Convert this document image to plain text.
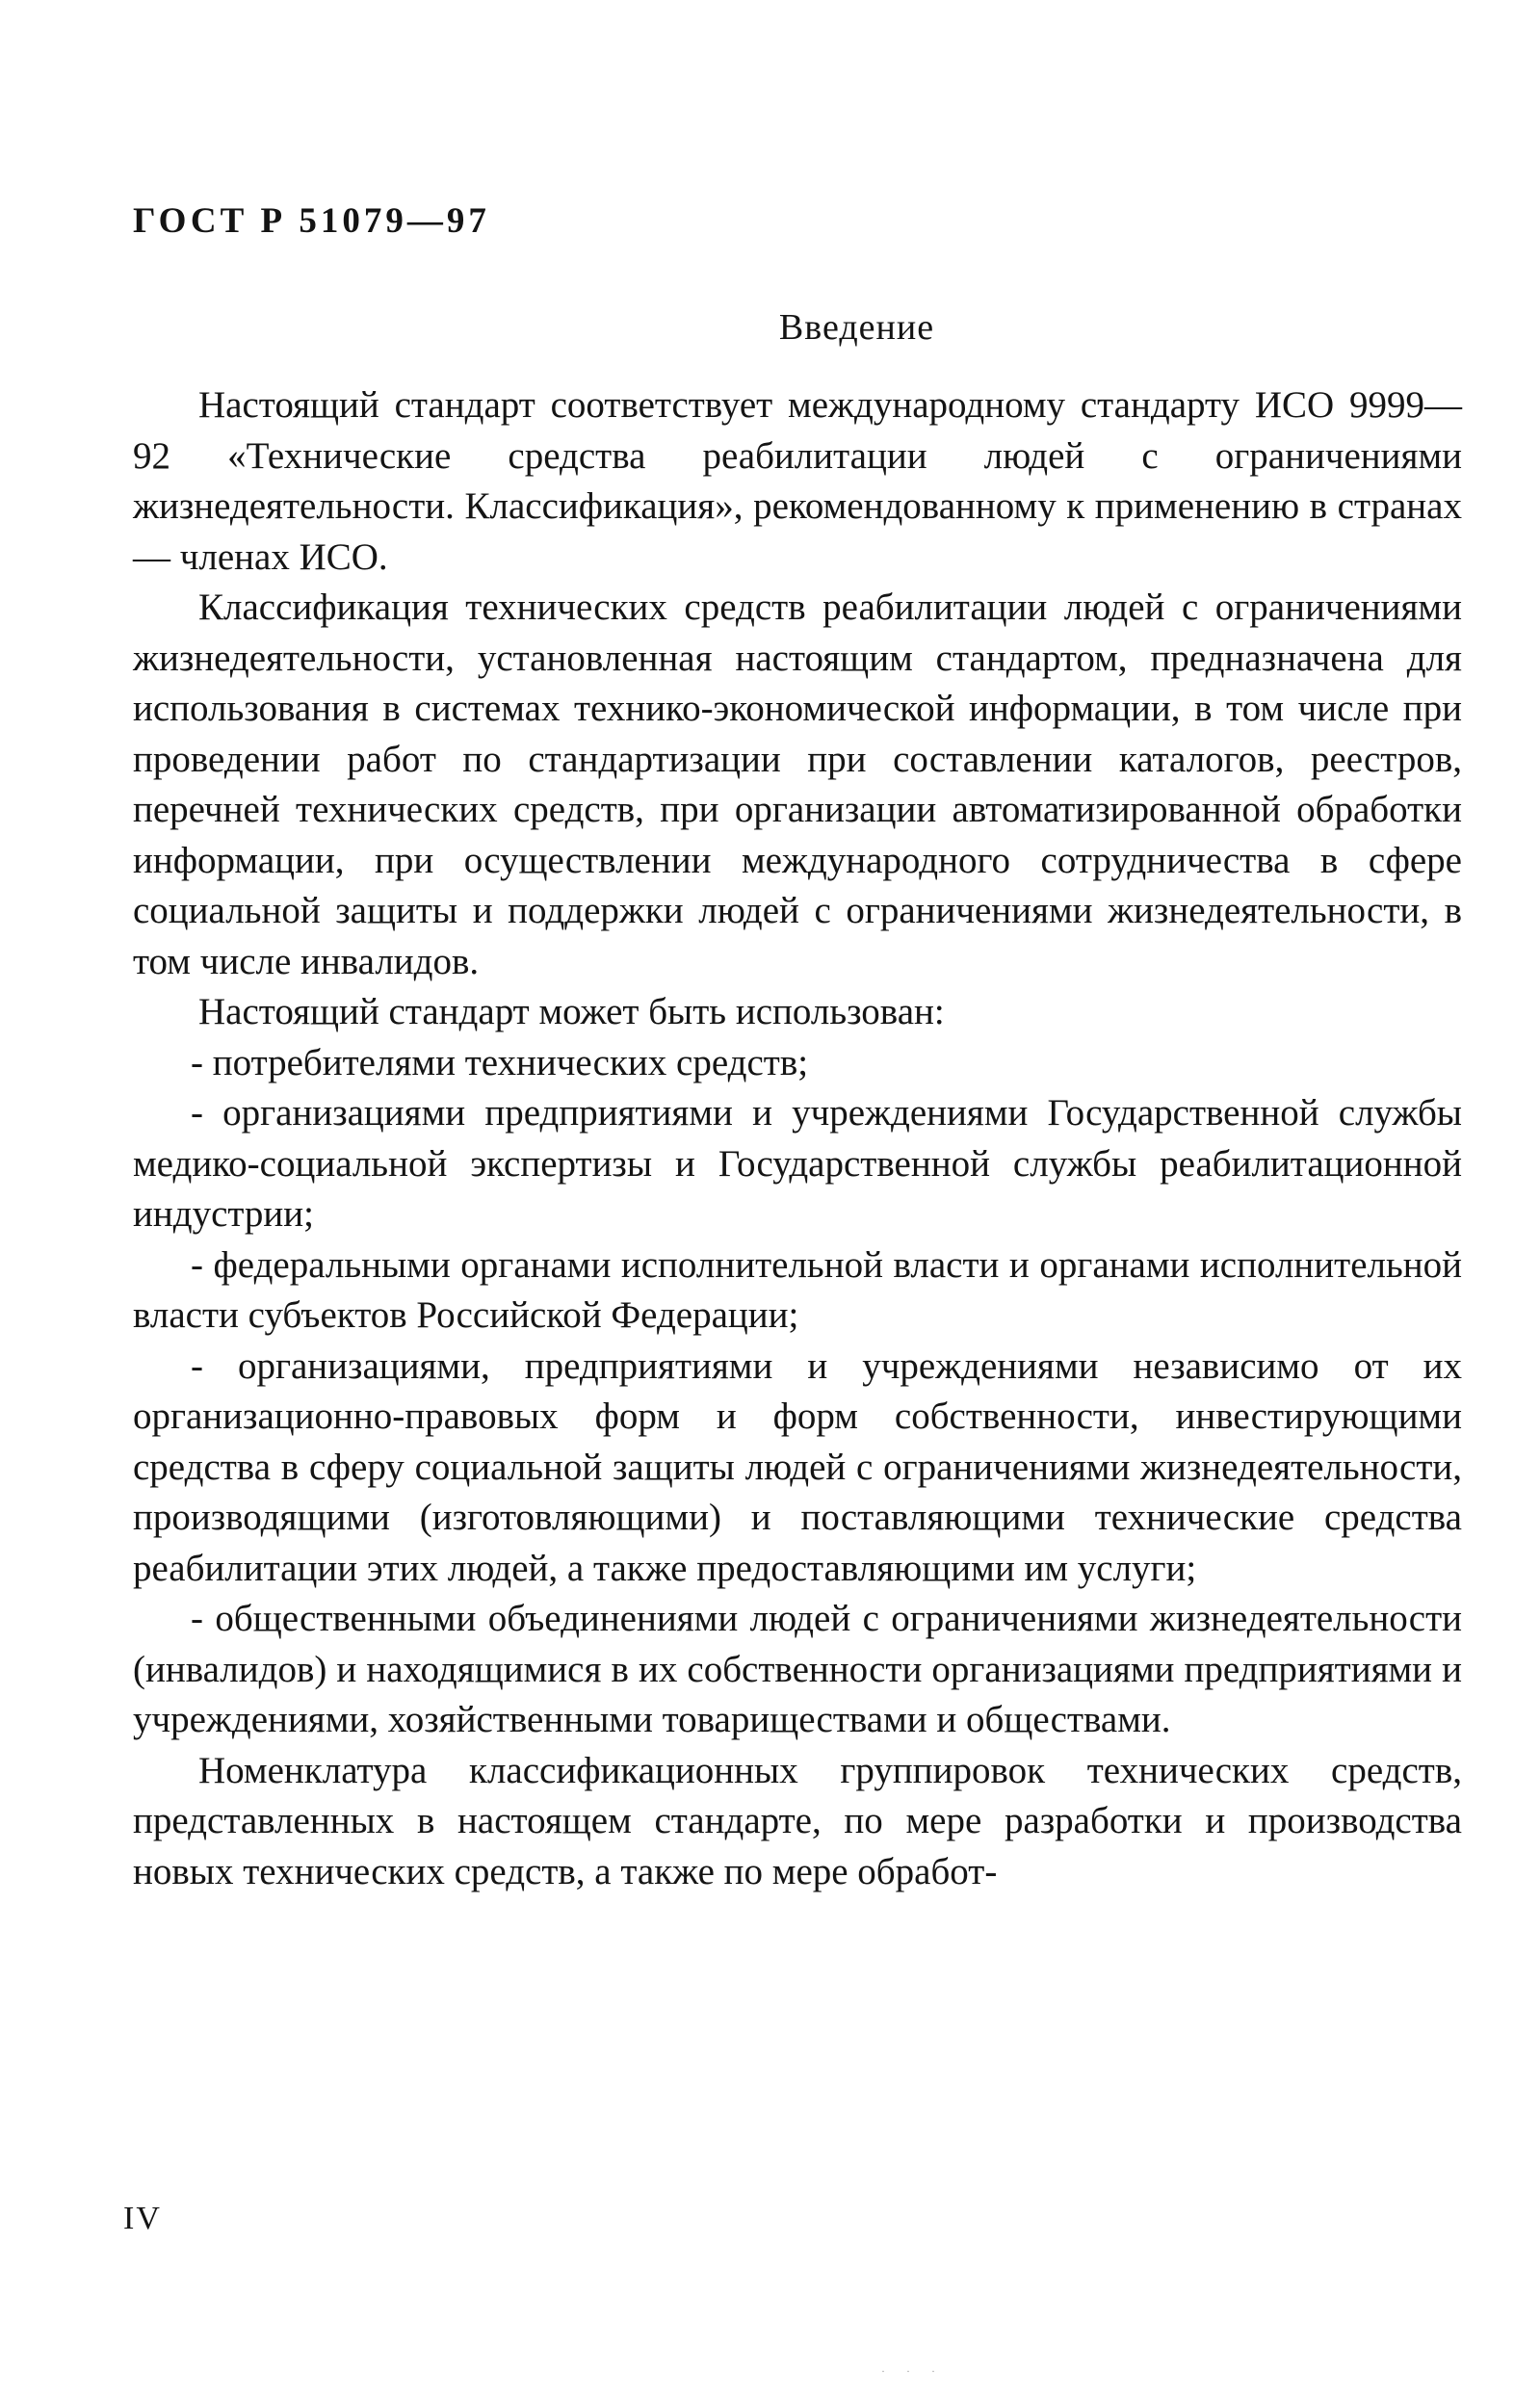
ГОСТ Р 51079—97
Введение

Настоящий стандарт соответствует международному стандарту ИСО 9999—92 «Технические средства реабилитации людей с ограничениями жизнедеятельности. Классификация», рекомендованному к применению в странах — членах ИСО.

Классификация технических средств реабилитации людей с ограничениями жизнедеятельности, установленная настоящим стандартом, предназначена для использования в системах технико-экономической информации, в том числе при проведении работ по стандартизации при составлении каталогов, реестров, перечней технических средств, при организации автоматизированной обработки информации, при осуществлении международного сотрудничества в сфере социальной защиты и поддержки людей с ограничениями жизнедеятельности, в том числе инвалидов.

Настоящий стандарт может быть использован:

- потребителями технических средств;

- организациями предприятиями и учреждениями Государственной службы медико-социальной экспертизы и Государственной службы реабилитационной индустрии;

- федеральными органами исполнительной власти и органами исполнительной власти субъектов Российской Федерации;

- организациями, предприятиями и учреждениями независимо от их организационно-правовых форм и форм собственности, инвестирующими средства в сферу социальной защиты людей с ограничениями жизнедеятельности, производящими (изготовляющими) и поставляющими технические средства реабилитации этих людей, а также предоставляющими им услуги;

- общественными объединениями людей с ограничениями жизнедеятельности (инвалидов) и находящимися в их собственности организациями предприятиями и учреждениями, хозяйственными товариществами и обществами.

Номенклатура классификационных группировок технических средств, представленных в настоящем стандарте, по мере разработки и производства новых технических средств, а также по мере обработ-

IV
···
